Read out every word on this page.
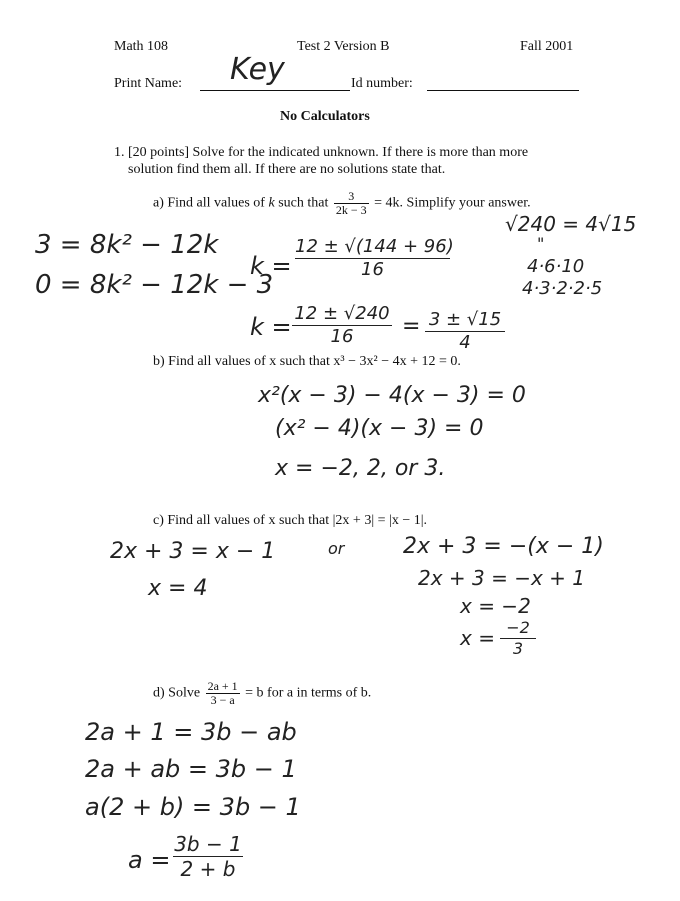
Math 108	Test 2 Version B	Fall 2001
Print Name: Key	Id number:
No Calculators
1. [20 points] Solve for the indicated unknown. If there is more than more
solution find them all. If there are no solutions state that.
a) Find all values of k such that $\frac{3}{2k - 3} = 4k$. Simplify your answer.
3 = 8k² − 12k
0 = 8k² − 12k − 3
k =
12 ± √(144 + 96)
16
k = 12 ± √240
16	= 3 ± √15
4
√240 = 4√15
"
4·6·10
4·3·2·2·5
b) Find all values of x such that x³ − 3x² − 4x + 12 = 0.
x²(x − 3) − 4(x − 3) = 0
(x² − 4)(x − 3) = 0
x = −2, 2, or 3.
c) Find all values of x such that |2x + 3| = |x − 1|.
2x + 3 = x − 1
x = 4
or	2x + 3 = −(x − 1)
2x + 3 = −x + 1
x = −2
x = −2
3
d) Solve $\frac{2a + 1}{3 - a} = b$ for a in terms of b.
2a + 1 = 3b − ab
2a + ab = 3b − 1
a(2 + b) = 3b − 1
a =
3b − 1
2 + b
